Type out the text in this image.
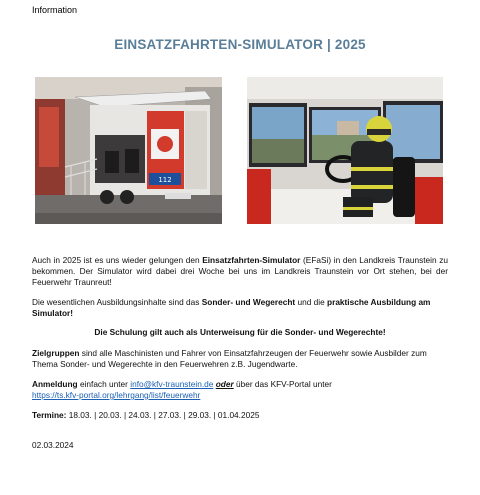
Information
EINSATZFAHRTEN-SIMULATOR | 2025
112
Auch in 2025 ist es uns wieder gelungen den Einsatzfahrten-Simulator (EFaSi) in den Landkreis Traunstein zu bekommen. Der Simulator wird dabei drei Woche bei uns im Landkreis Traunstein vor Ort stehen, bei der Feuerwehr Traunreut!
Die wesentlichen Ausbildungsinhalte sind das Sonder- und Wegerecht und die praktische Ausbildung am Simulator!
Die Schulung gilt auch als Unterweisung für die Sonder- und Wegerechte!
Zielgruppen sind alle Maschinisten und Fahrer von Einsatzfahrzeugen der Feuerwehr sowie Ausbilder zum Thema Sonder- und Wegerechte in den Feuerwehren z.B. Jugendwarte.
Anmeldung einfach unter info@kfv-traunstein.de oder über das KFV-Portal unter
https://ts.kfv-portal.org/lehrgang/list/feuerwehr
Termine: 18.03. | 20.03. | 24.03. | 27.03. | 29.03. | 01.04.2025
02.03.2024
